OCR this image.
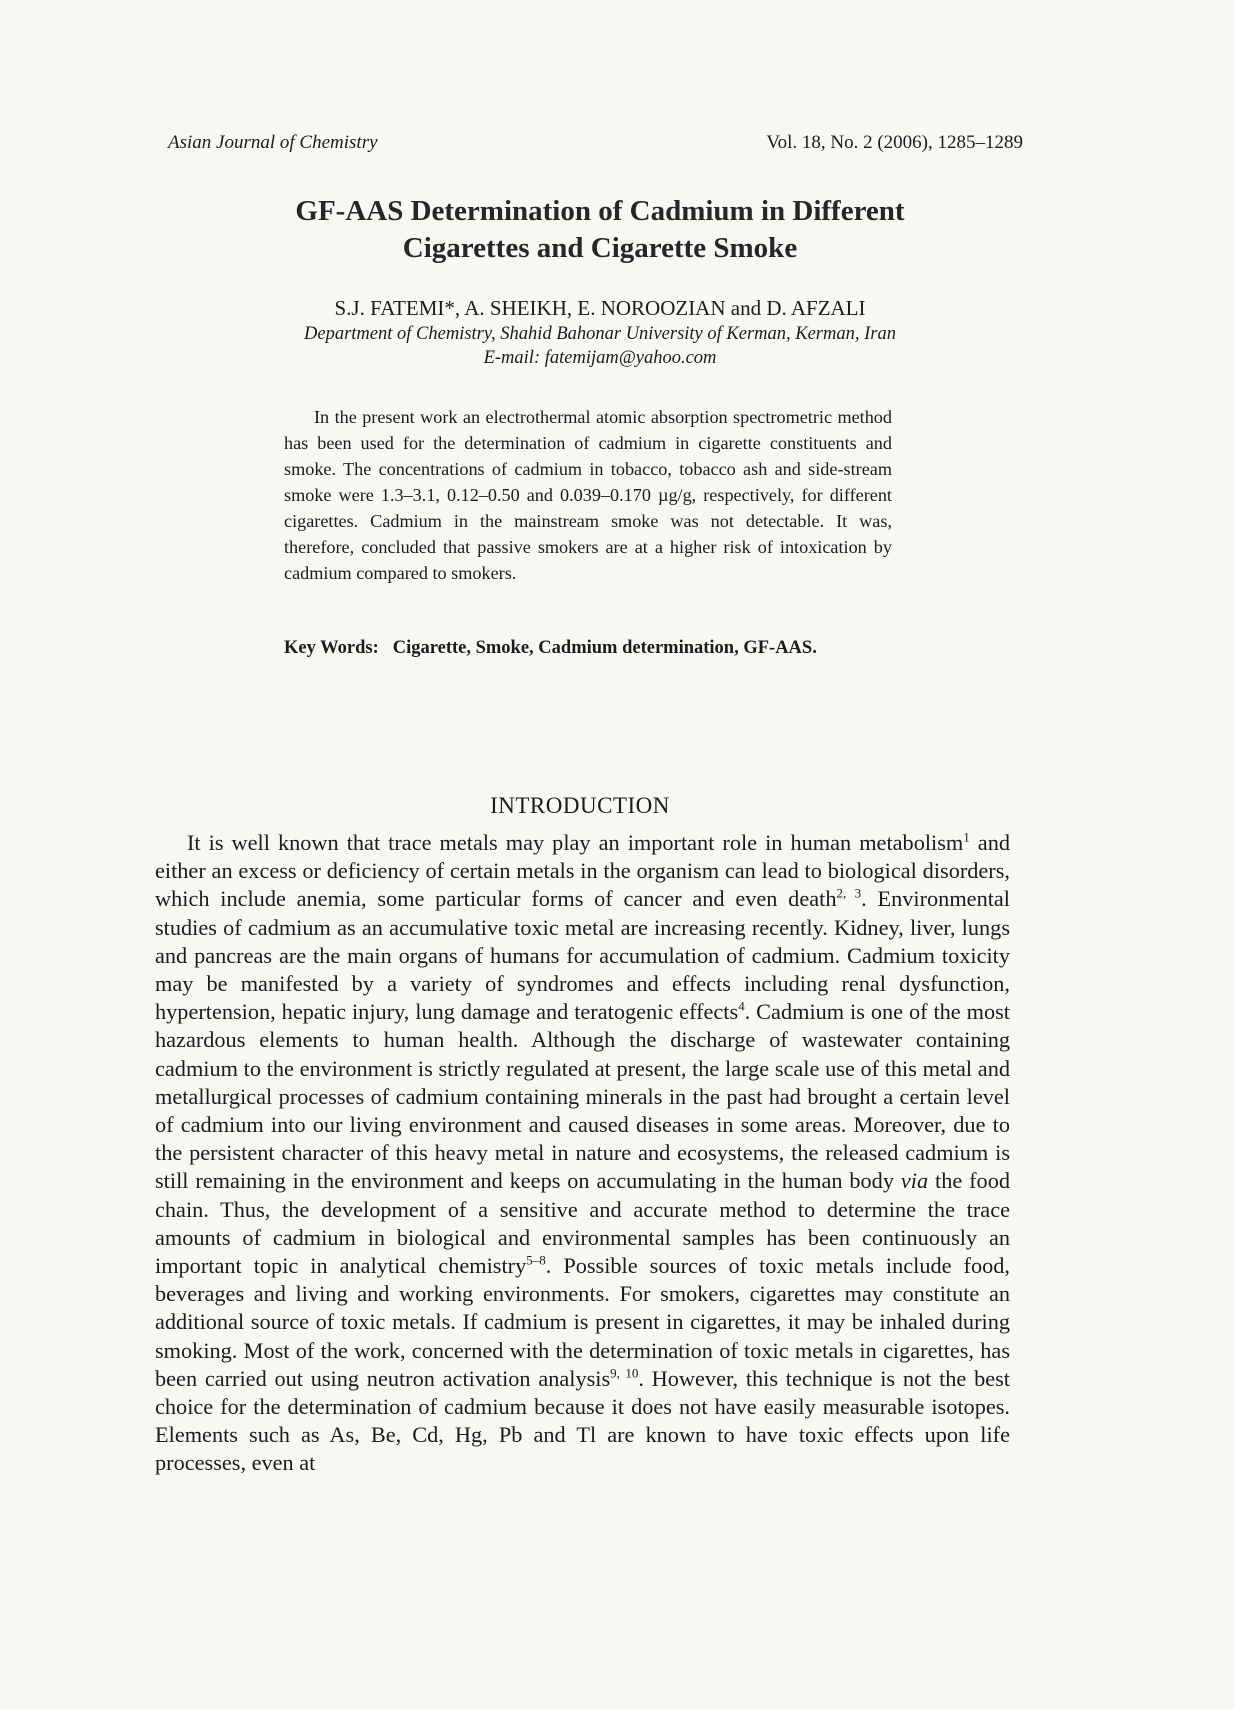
Asian Journal of Chemistry	Vol. 18, No. 2 (2006), 1285–1289
GF-AAS Determination of Cadmium in Different
Cigarettes and Cigarette Smoke
S.J. FATEMI*, A. SHEIKH, E. NOROOZIAN and D. AFZALI
Department of Chemistry, Shahid Bahonar University of Kerman, Kerman, Iran
E-mail: fatemijam@yahoo.com
In the present work an electrothermal atomic absorption spectrometric method has been used for the determination of cadmium in cigarette constituents and smoke. The concentrations of cadmium in tobacco, tobacco ash and side-stream smoke were 1.3–3.1, 0.12–0.50 and 0.039–0.170 µg/g, respectively, for different cigarettes. Cadmium in the mainstream smoke was not detectable. It was, therefore, concluded that passive smokers are at a higher risk of intoxication by cadmium compared to smokers.
Key Words: Cigarette, Smoke, Cadmium determination, GF-AAS.
INTRODUCTION
It is well known that trace metals may play an important role in human metabolism$^1$ and either an excess or deficiency of certain metals in the organism can lead to biological disorders, which include anemia, some particular forms of cancer and even death$^{2, 3}$. Environmental studies of cadmium as an accumulative toxic metal are increasing recently. Kidney, liver, lungs and pancreas are the main organs of humans for accumulation of cadmium. Cadmium toxicity may be manifested by a variety of syndromes and effects including renal dysfunction, hypertension, hepatic injury, lung damage and teratogenic effects$^4$. Cadmium is one of the most hazardous elements to human health. Although the discharge of wastewater containing cadmium to the environment is strictly regulated at present, the large scale use of this metal and metallurgical processes of cadmium containing minerals in the past had brought a certain level of cadmium into our living environment and caused diseases in some areas. Moreover, due to the persistent character of this heavy metal in nature and ecosystems, the released cadmium is still remaining in the environment and keeps on accumulating in the human body via the food chain. Thus, the development of a sensitive and accurate method to determine the trace amounts of cadmium in biological and environmental samples has been continuously an important topic in analytical chemistry$^{5-8}$. Possible sources of toxic metals include food, beverages and living and working environments. For smokers, cigarettes may constitute an additional source of toxic metals. If cadmium is present in cigarettes, it may be inhaled during smoking. Most of the work, concerned with the determination of toxic metals in cigarettes, has been carried out using neutron activation analysis$^{9, 10}$. However, this technique is not the best choice for the determination of cadmium because it does not have easily measurable isotopes. Elements such as As, Be, Cd, Hg, Pb and Tl are known to have toxic effects upon life processes, even at
